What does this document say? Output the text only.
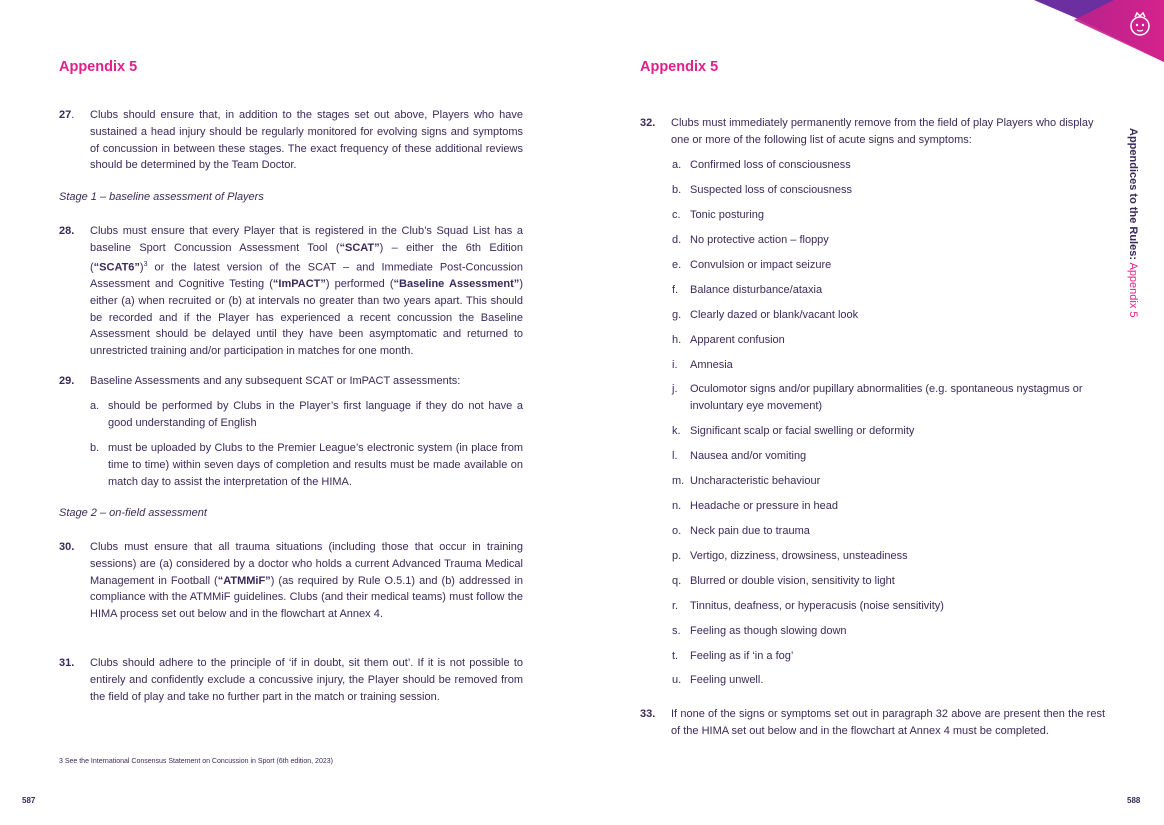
Appendix 5
27. Clubs should ensure that, in addition to the stages set out above, Players who have sustained a head injury should be regularly monitored for evolving signs and symptoms of concussion in between these stages. The exact frequency of these additional reviews should be determined by the Team Doctor.
Stage 1 – baseline assessment of Players
28. Clubs must ensure that every Player that is registered in the Club’s Squad List has a baseline Sport Concussion Assessment Tool (“SCAT”) – either the 6th Edition (“SCAT6”)$^3$ or the latest version of the SCAT – and Immediate Post-Concussion Assessment and Cognitive Testing (“ImPACT”) performed (“Baseline Assessment”) either (a) when recruited or (b) at intervals no greater than two years apart. This should be recorded and if the Player has experienced a recent concussion the Baseline Assessment should be delayed until they have been asymptomatic and returned to unrestricted training and/or participation in matches for one month.
29. Baseline Assessments and any subsequent SCAT or ImPACT assessments:
a. should be performed by Clubs in the Player’s first language if they do not have a good understanding of English
b. must be uploaded by Clubs to the Premier League’s electronic system (in place from time to time) within seven days of completion and results must be made available on match day to assist the interpretation of the HIMA.
Stage 2 – on-field assessment
30. Clubs must ensure that all trauma situations (including those that occur in training sessions) are (a) considered by a doctor who holds a current Advanced Trauma Medical Management in Football (“ATMMiF”) (as required by Rule O.5.1) and (b) addressed in compliance with the ATMMiF guidelines. Clubs (and their medical teams) must follow the HIMA process set out below and in the flowchart at Annex 4.
31. Clubs should adhere to the principle of ‘if in doubt, sit them out’. If it is not possible to entirely and confidently exclude a concussive injury, the Player should be removed from the field of play and take no further part in the match or training session.
3 See the International Consensus Statement on Concussion in Sport (6th edition, 2023)
587
Appendix 5
32. Clubs must immediately permanently remove from the field of play Players who display one or more of the following list of acute signs and symptoms:
a. Confirmed loss of consciousness
b. Suspected loss of consciousness
c. Tonic posturing
d. No protective action – floppy
e. Convulsion or impact seizure
f. Balance disturbance/ataxia
g. Clearly dazed or blank/vacant look
h. Apparent confusion
i. Amnesia
j. Oculomotor signs and/or pupillary abnormalities (e.g. spontaneous nystagmus or involuntary eye movement)
k. Significant scalp or facial swelling or deformity
l. Nausea and/or vomiting
m. Uncharacteristic behaviour
n. Headache or pressure in head
o. Neck pain due to trauma
p. Vertigo, dizziness, drowsiness, unsteadiness
q. Blurred or double vision, sensitivity to light
r. Tinnitus, deafness, or hyperacusis (noise sensitivity)
s. Feeling as though slowing down
t. Feeling as if ‘in a fog’
u. Feeling unwell.
33. If none of the signs or symptoms set out in paragraph 32 above are present then the rest of the HIMA set out below and in the flowchart at Annex 4 must be completed.
588
Appendices to the Rules: Appendix 5
